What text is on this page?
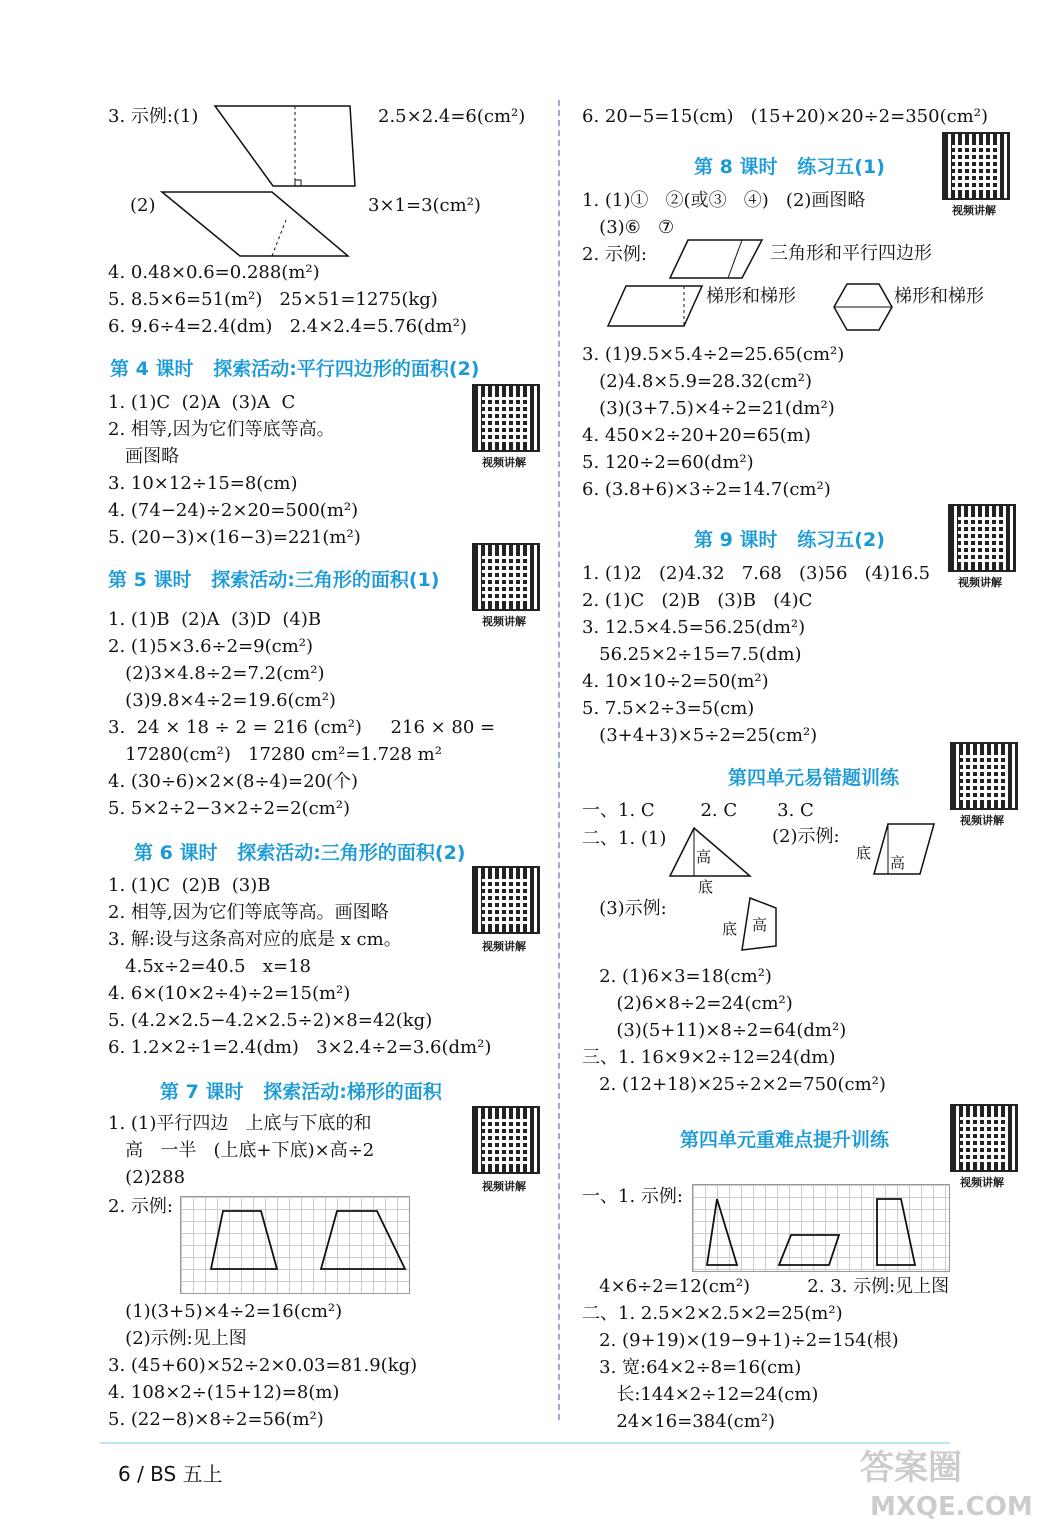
3. 示例:(1)	2.5×2.4=6(cm²)
(2)	3×1=3(cm²)
4. 0.48×0.6=0.288(m²)
5. 8.5×6=51(m²)   25×51=1275(kg)
6. 9.6÷4=2.4(dm)   2.4×2.4=5.76(dm²)
第 4 课时   探索活动:平行四边形的面积(2)
1. (1)C  (2)A  (3)A  C
2. 相等,因为它们等底等高。
画图略
3. 10×12÷15=8(cm)
4. (74−24)÷2×20=500(m²)
5. (20−3)×(16−3)=221(m²)
视频讲解
第 5 课时   探索活动:三角形的面积(1)
视频讲解
1. (1)B  (2)A  (3)D  (4)B
2. (1)5×3.6÷2=9(cm²)
(2)3×4.8÷2=7.2(cm²)
(3)9.8×4÷2=19.6(cm²)
3.  24 × 18 ÷ 2 = 216 (cm²)     216 × 80 =
17280(cm²)   17280 cm²=1.728 m²
4. (30÷6)×2×(8÷4)=20(个)
5. 5×2÷2−3×2÷2=2(cm²)
第 6 课时   探索活动:三角形的面积(2)
1. (1)C  (2)B  (3)B
2. 相等,因为它们等底等高。画图略
3. 解:设与这条高对应的底是 x cm。
4.5x÷2=40.5   x=18
4. 6×(10×2÷4)÷2=15(m²)
5. (4.2×2.5−4.2×2.5÷2)×8=42(kg)
6. 1.2×2÷1=2.4(dm)   3×2.4÷2=3.6(dm²)
视频讲解
第 7 课时   探索活动:梯形的面积
1. (1)平行四边   上底与下底的和
高   一半   (上底+下底)×高÷2
(2)288
2. 示例:
视频讲解
(1)(3+5)×4÷2=16(cm²)
(2)示例:见上图
3. (45+60)×52÷2×0.03=81.9(kg)
4. 108×2÷(15+12)=8(m)
5. (22−8)×8÷2=56(m²)
6. 20−5=15(cm)   (15+20)×20÷2=350(cm²)
第 8 课时   练习五(1)
视频讲解
1. (1)①   ②(或③   ④)   (2)画图略
(3)⑥   ⑦
2. 示例:	三角形和平行四边形
梯形和梯形	梯形和梯形
3. (1)9.5×5.4÷2=25.65(cm²)
(2)4.8×5.9=28.32(cm²)
(3)(3+7.5)×4÷2=21(dm²)
4. 450×2÷20+20=65(m)
5. 120÷2=60(dm²)
6. (3.8+6)×3÷2=14.7(cm²)
第 9 课时   练习五(2)
视频讲解
1. (1)2   (2)4.32   7.68   (3)56   (4)16.5
2. (1)C   (2)B   (3)B   (4)C
3. 12.5×4.5=56.25(dm²)
56.25×2÷15=7.5(dm)
4. 10×10÷2=50(m²)
5. 7.5×2÷3=5(cm)
(3+4+3)×5÷2=25(cm²)
第四单元易错题训练
视频讲解
一、1. C        2. C       3. C
二、1. (1)
高
底
(2)示例:
底
高
(3)示例:
底 高
2. (1)6×3=18(cm²)
(2)6×8÷2=24(cm²)
(3)(5+11)×8÷2=64(dm²)
三、1. 16×9×2÷12=24(dm)
2. (12+18)×25÷2×2=750(cm²)
第四单元重难点提升训练
视频讲解
一、1. 示例:
4×6÷2=12(cm²)          2. 3. 示例:见上图
二、1. 2.5×2×2.5×2=25(m²)
2. (9+19)×(19−9+1)÷2=154(根)
3. 宽:64×2÷8=16(cm)
长:144×2÷12=24(cm)
24×16=384(cm²)
6 / BS 五上	答案圈
MXQE.COM
